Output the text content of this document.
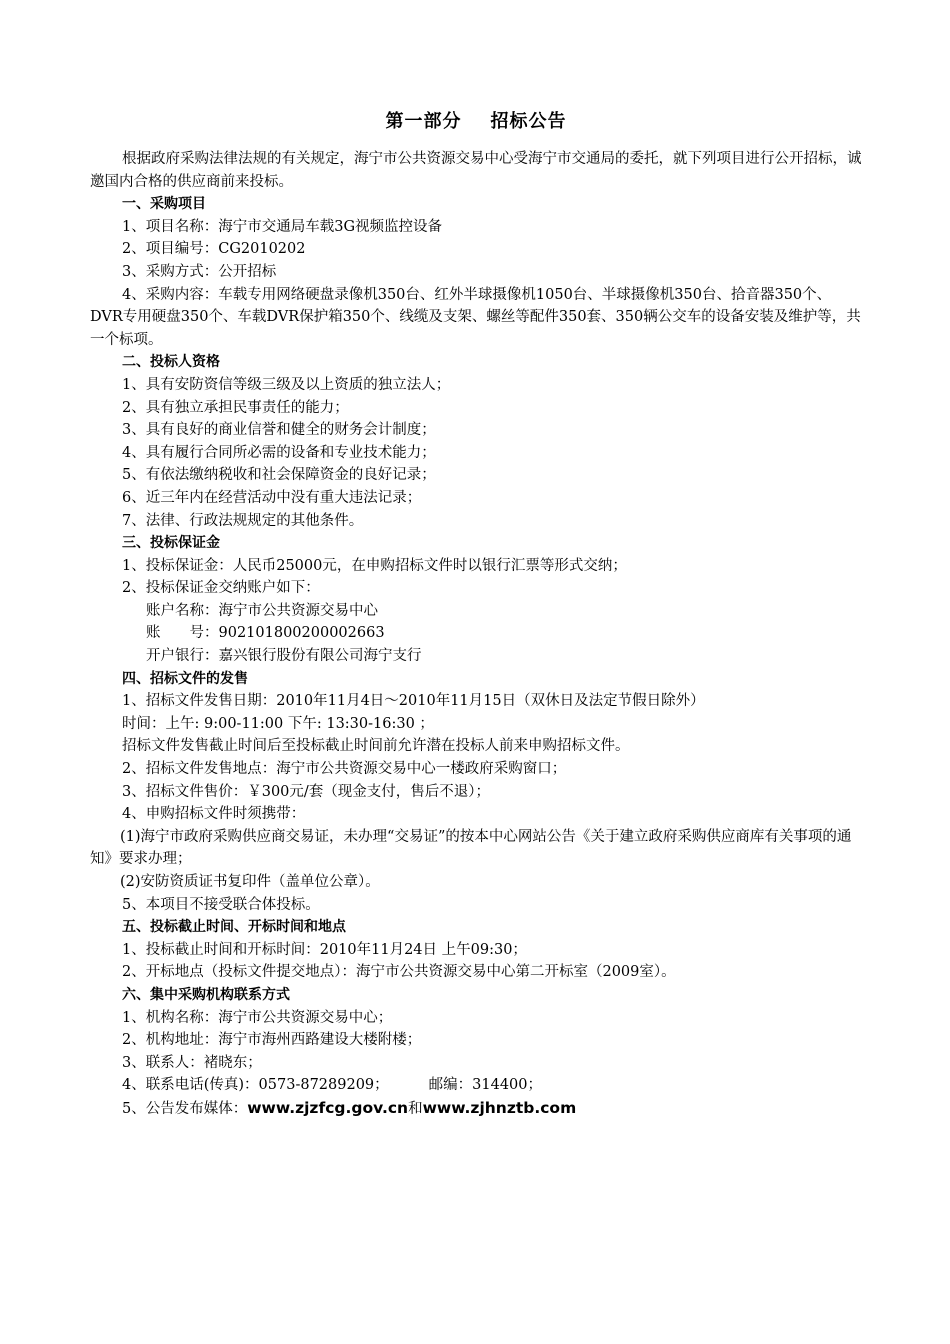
第一部分    招标公告

根据政府采购法律法规的有关规定，海宁市公共资源交易中心受海宁市交通局的委托，就下列项目进行公开招标，诚邀国内合格的供应商前来投标。

一、采购项目

1、项目名称：海宁市交通局车载3G视频监控设备

2、项目编号：CG2010202

3、采购方式：公开招标

4、采购内容：车载专用网络硬盘录像机350台、红外半球摄像机1050台、半球摄像机350台、拾音器350个、DVR专用硬盘350个、车载DVR保护箱350个、线缆及支架、螺丝等配件350套、350辆公交车的设备安装及维护等，共一个标项。

二、投标人资格

1、具有安防资信等级三级及以上资质的独立法人；

2、具有独立承担民事责任的能力；

3、具有良好的商业信誉和健全的财务会计制度；

4、具有履行合同所必需的设备和专业技术能力；

5、有依法缴纳税收和社会保障资金的良好记录；

6、近三年内在经营活动中没有重大违法记录；

7、法律、行政法规规定的其他条件。

三、投标保证金

1、投标保证金：人民币25000元，在申购招标文件时以银行汇票等形式交纳；

2、投标保证金交纳账户如下：

账户名称：海宁市公共资源交易中心

账　　号：902101800200002663

开户银行：嘉兴银行股份有限公司海宁支行

四、招标文件的发售

1、招标文件发售日期：2010年11月4日～2010年11月15日（双休日及法定节假日除外）

时间：上午: 9:00-11:00 下午: 13:30-16:30 ；

招标文件发售截止时间后至投标截止时间前允许潜在投标人前来申购招标文件。

2、招标文件发售地点：海宁市公共资源交易中心一楼政府采购窗口；

3、招标文件售价：￥300元/套（现金支付，售后不退）；

4、申购招标文件时须携带：

(1)海宁市政府采购供应商交易证，未办理“交易证”的按本中心网站公告《关于建立政府采购供应商库有关事项的通知》要求办理；

(2)安防资质证书复印件（盖单位公章）。

5、本项目不接受联合体投标。

五、投标截止时间、开标时间和地点

1、投标截止时间和开标时间：2010年11月24日 上午09:30；

2、开标地点（投标文件提交地点）：海宁市公共资源交易中心第二开标室（2009室）。

六、集中采购机构联系方式

1、机构名称：海宁市公共资源交易中心；

2、机构地址：海宁市海州西路建设大楼附楼；

3、联系人：褚晓东；

4、联系电话(传真)：0573-87289209；	邮编：314400；

5、公告发布媒体：www.zjzfcg.gov.cn和www.zjhnztb.com
